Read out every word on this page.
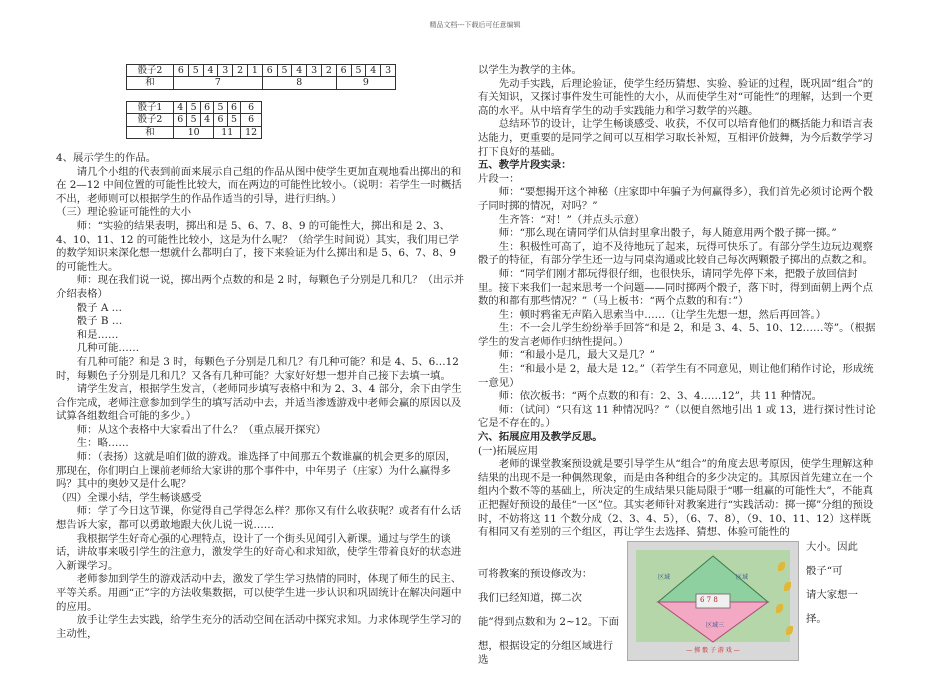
精品文档---下载后可任意编辑
骰子2	6	5	4	3	2	1	6	5	4	3	2	6	5	4	3
和	7						8					9			
骰子1	4	5	6	5	6	6
骰子2	6	5	4	6	5	6
和	10			11		12

4、展示学生的作品。

请几个小组的代表到前面来展示自己组的作品从图中使学生更加直观地看出掷出的和在 2—12 中间位置的可能性比较大，而在两边的可能性比较小。（说明：若学生一时概括不出，老师则可以根据学生的作品作适当的引导，进行归纳。）

（三）理论验证可能性的大小

师：“实验的结果表明，掷出和是 5、6、7、8、9 的可能性大，掷出和是 2、3、4、10、11、12 的可能性比较小，这是为什么呢？（给学生时间说）其实，我们用已学的数学知识来深化想一想就什么都明白了，接下来验证为什么掷出和是 5、6、7、8、9 的可能性大。

师：现在我们说一说，掷出两个点数的和是 2 时，每颗色子分别是几和几？（出示并介绍表格）

骰子 A …

骰子 B …

和是……

几种可能……

有几种可能？和是 3 时，每颗色子分别是几和几？有几种可能？和是 4、5、6…12 时，每颗色子分别是几和几？又各有几种可能？大家好好想一想并自己接下去填一填。

请学生发言，根据学生发言，（老师同步填写表格中和为 2、3、4 部分，余下由学生合作完成，老师注意参加到学生的填写活动中去，并适当渗透游戏中老师会赢的原因以及试算各组数组合可能的多少。）

师：从这个表格中大家看出了什么？（重点展开探究）

生：略……

师：（表扬）这就是咱们做的游戏。谁选择了中间那五个数谁赢的机会更多的原因，那现在，你们明白上课前老师给大家讲的那个事件中，中年男子（庄家）为什么赢得多吗？其中的奥妙又是什么呢？

（四）全课小结，学生畅谈感受

师：学了今日这节课，你觉得自己学得怎么样？那你又有什么收获呢？或者有什么话想告诉大家，都可以勇敢地跟大伙儿说一说……

我根据学生好奇心强的心理特点，设计了一个街头见闻引入新课。通过与学生的谈话，讲故事来吸引学生的注意力，激发学生的好奇心和求知欲，使学生带着良好的状态进入新课学习。

老师参加到学生的游戏活动中去，激发了学生学习热情的同时，体现了师生的民主、平等关系。用画“正”字的方法收集数据，可以使学生进一步认识和巩固统计在解决问题中的应用。

放手让学生去实践，给学生充分的活动空间在活动中探究求知。力求体现学生学习的主动性，

以学生为教学的主体。

先动手实践，后理论验证，使学生经历猜想、实验、验证的过程，既巩固“组合”的有关知识，又探讨事件发生可能性的大小，从而使学生对“可能性”的理解，达到一个更高的水平。从中培育学生的动手实践能力和学习数学的兴趣。

总结环节的设计，让学生畅谈感受、收获，不仅可以培育他们的概括能力和语言表达能力，更重要的是同学之间可以互相学习取长补短，互相评价鼓舞，为今后数学学习打下良好的基础。

五、教学片段实录：

片段一：

师：“要想揭开这个神秘（庄家即中年骗子为何赢得多），我们首先必须讨论两个骰子同时掷的情况，对吗？”

生齐答：“对！”（并点头示意）

师：“那么现在请同学们从信封里拿出骰子，每人随意用两个骰子掷一掷。”

生：积极性可高了，迫不及待地玩了起来，玩得可快乐了。有部分学生边玩边观察骰子的特征，有部分学生还一边与同桌沟通或比较自己每次两颗骰子掷出的点数之和。

师：“同学们刚才都玩得很仔细，也很快乐，请同学先停下来，把骰子放回信封里。接下来我们一起来思考一个问题——同时掷两个骰子，落下时，得到面朝上两个点数的和都有那些情况？”（马上板书：“两个点数的和有：”）

生：顿时鸦雀无声陷入思索当中……（让学生先想一想，然后再回答。）

生：不一会儿学生纷纷举手回答“和是 2，和是 3、4、5、10、12……等”。（根据学生的发言老师作归纳性提问。）

师：“和最小是几，最大又是几？”

生：“和最小是 2，最大是 12。”（若学生有不同意见，则让他们稍作讨论，形成统一意见）

师：依次板书：“两个点数的和有：2、3、4……12”，共 11 种情况。

师：（试问）“只有这 11 种情况吗？”（以便自然地引出 1 或 13，进行探讨性讨论它是不存在的。）

六、拓展应用及教学反思。

(一)拓展应用

老师的课堂教案预设就是要引导学生从“组合”的角度去思考原因，使学生理解这种结果的出现不是一种偶然现象，而是由各种组合的多少决定的。其原因首先建立在一个组内个数不等的基础上，所决定的生成结果只能局限于“哪一组赢的可能性大”，不能真正把握好预设的最佳“一区”位。其实老师针对教案进行“实践活动：掷一掷”分组的预设时，不妨将这 11 个数分成（2、3、4、5），（6、7、8），（9、10、11、12）这样既有相同又有差别的三个组区，再让学生去选择、猜想、体验可能性的

可将教案的预设修改为：

我们已经知道，掷二次

能”得到点数和为 2~12。下面

想，根据设定的分组区域进行选

大小。因此

骰子“可

请大家想一

择。

区域	区域
区域三
6 7 8
— 掷 骰 子 游 戏 —
